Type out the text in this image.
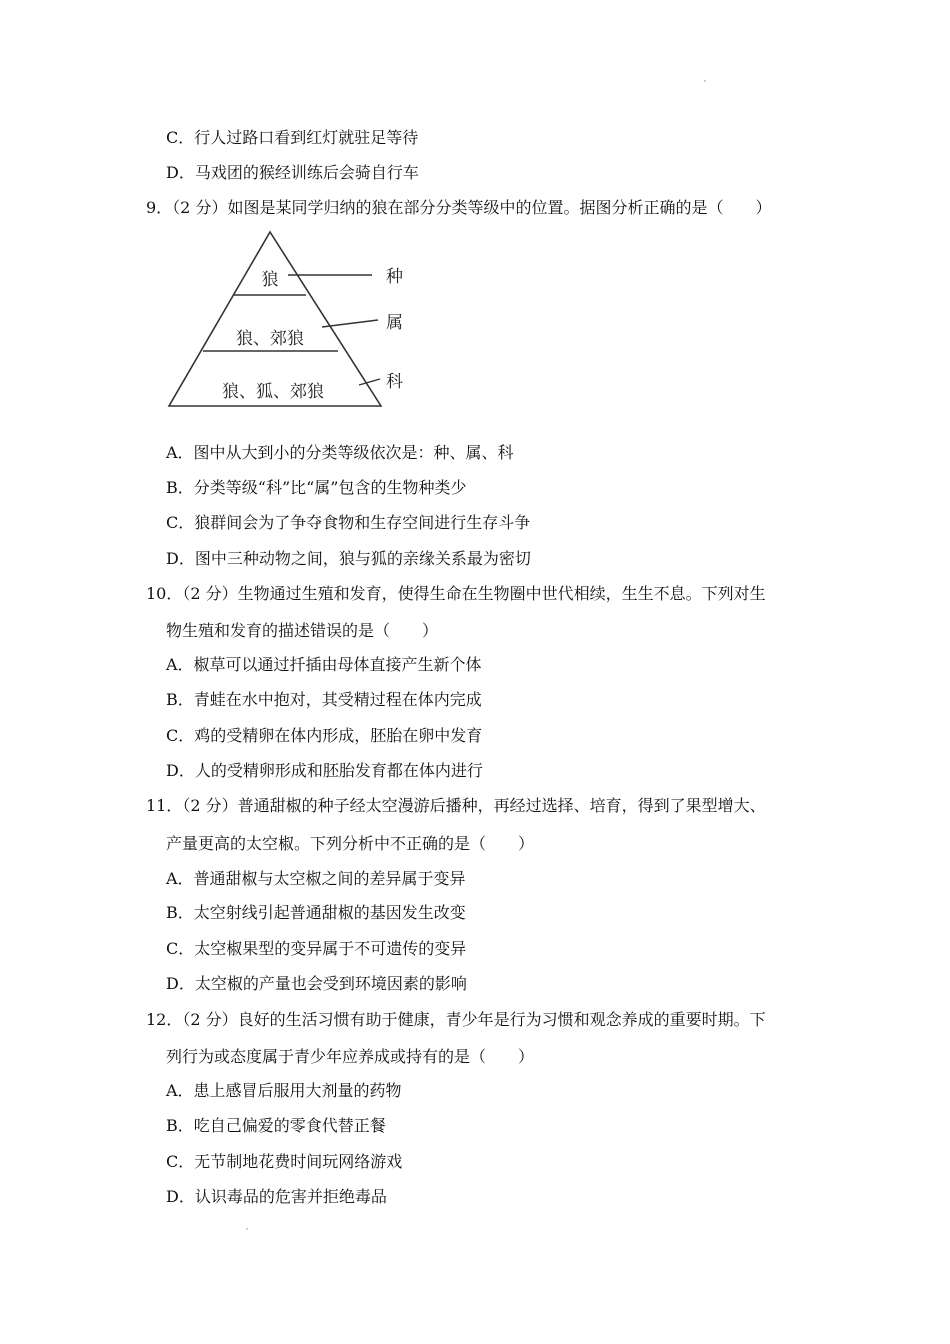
C．行人过路口看到红灯就驻足等待
D．马戏团的猴经训练后会骑自行车
9．（2 分）如图是某同学归纳的狼在部分分类等级中的位置。据图分析正确的是（　　）
狼
狼、郊狼
狼、狐、郊狼
种
属
科
A．图中从大到小的分类等级依次是：种、属、科
B．分类等级“科”比“属”包含的生物种类少
C．狼群间会为了争夺食物和生存空间进行生存斗争
D．图中三种动物之间，狼与狐的亲缘关系最为密切
10．（2 分）生物通过生殖和发育，使得生命在生物圈中世代相续，生生不息。下列对生
物生殖和发育的描述错误的是（　　）
A．椒草可以通过扦插由母体直接产生新个体
B．青蛙在水中抱对，其受精过程在体内完成
C．鸡的受精卵在体内形成，胚胎在卵中发育
D．人的受精卵形成和胚胎发育都在体内进行
11．（2 分）普通甜椒的种子经太空漫游后播种，再经过选择、培育，得到了果型增大、
产量更高的太空椒。下列分析中不正确的是（　　）
A．普通甜椒与太空椒之间的差异属于变异
B．太空射线引起普通甜椒的基因发生改变
C．太空椒果型的变异属于不可遗传的变异
D．太空椒的产量也会受到环境因素的影响
12．（2 分）良好的生活习惯有助于健康，青少年是行为习惯和观念养成的重要时期。下
列行为或态度属于青少年应养成或持有的是（　　）
A．患上感冒后服用大剂量的药物
B．吃自己偏爱的零食代替正餐
C．无节制地花费时间玩网络游戏
D．认识毒品的危害并拒绝毒品
